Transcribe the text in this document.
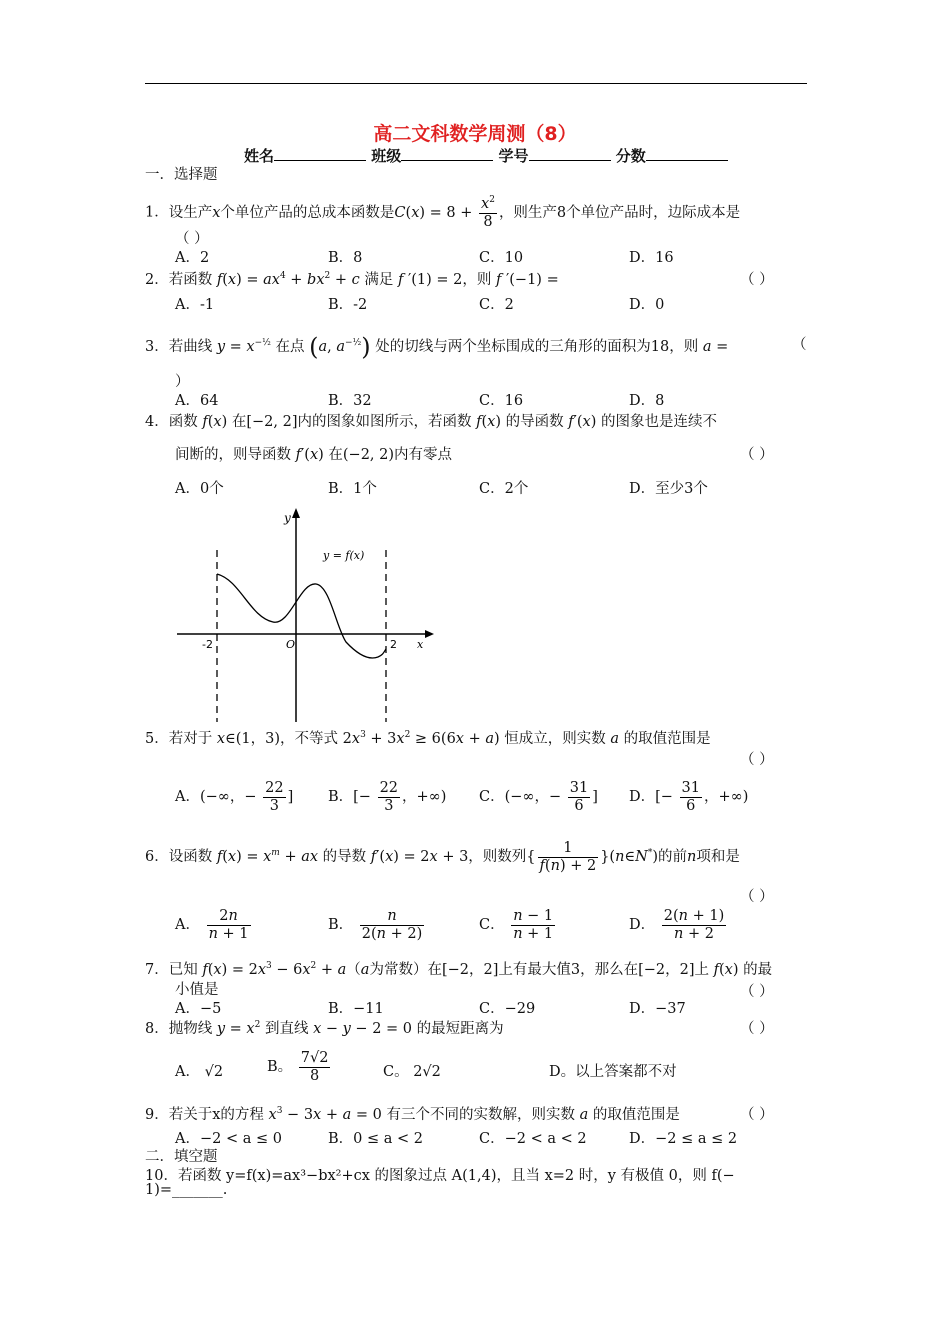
高二文科数学周测（8）
姓名	班级	学号	分数
一．选择题
1．设生产x个单位产品的总成本函数是$C(x) = 8 + \frac{x^2}{8}$ ，则生产8个单位产品时，边际成本是
（ ）
A．2	B．8	C．10	D．16
2．若函数 $f(x) = ax^4 + bx^2 + c$ 满足 f ′(1) = 2，则 f ′(−1) =	（ ）
A．-1	B．-2	C．2	D．0
3．若曲线 $y = x^{-\frac{1}{2}}$ 在点 (a, $a^{-\frac{1}{2}}$) 处的切线与两个坐标围成的三角形的面积为18，则 a =	（
）
A．64	B．32	C．16	D．8
4．函数 f(x) 在[−2, 2]内的图象如图所示，若函数 f(x) 的导函数 f′(x) 的图象也是连续不
间断的，则导函数 f′(x) 在(−2, 2)内有零点	（ ）
A．0个	B．1个	C．2个	D．至少3个
y
x
O
-2	2
y = f(x)
5．若对于 x∈(1，3)，不等式 $2x^3 + 3x^2 \ge 6(6x + a)$ 恒成立，则实数 a 的取值范围是
（ ）
A．(−∞，− $\frac{22}{3}$ ] B．[− $\frac{22}{3}$ ，+∞) C．(−∞，− $\frac{31}{6}$ ] D．[− $\frac{31}{6}$ ，+∞)
6．设函数 $f(x) = x^m$ + ax 的导数 f′(x) = 2x + 3，则数列{ $\frac{1}{f(n) + 2}$ }(n∈N*)的前n项和是
（ ）
A． $\frac{2n}{n + 1}$	B． $\frac{n}{2(n + 2)}$	C． $\frac{n - 1}{n + 1}$	D． $\frac{2(n + 1)}{n + 2}$
7．已知 $f(x) = 2x^3 - 6x^2 + a(a$为常数）在[−2，2]上有最大值3，那么在[−2，2]上 f(x) 的最
小值是	（ ）
A．−5	B．−11	C．−29	D．−37
8．抛物线 $y = x^2$ 到直线 x − y − 2 = 0 的最短距离为	（ ）
A． √2	B。 $\frac{7√2}{8}$	C。 2√2	D。以上答案都不对
9．若关于x的方程 $x^3 - 3x + a = 0$ 有三个不同的实数解，则实数 a 的取值范围是	（ ）
A．−2 < a ≤ 0	B．0 ≤ a < 2	C．−2 < a < 2	D．−2 ≤ a ≤ 2
二．填空题
10．若函数 y=f(x)=ax³−bx²+cx 的图象过点 A(1,4)，且当 x=2 时，y 有极值 0，则 f(−
1)=_______.
